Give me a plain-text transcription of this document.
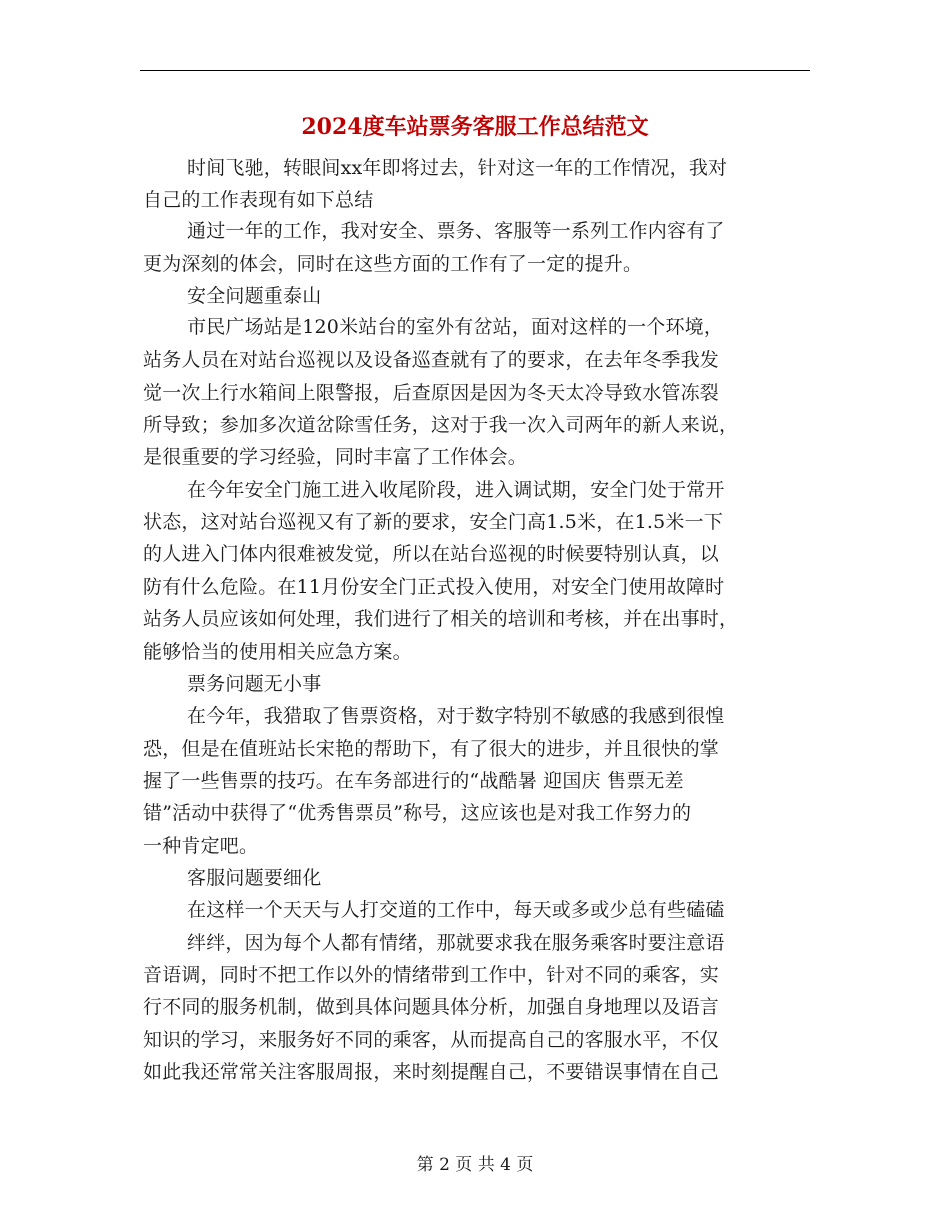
2024度车站票务客服工作总结范文
时间飞驰，转眼间xx年即将过去，针对这一年的工作情况，我对
自己的工作表现有如下总结
通过一年的工作，我对安全、票务、客服等一系列工作内容有了
更为深刻的体会，同时在这些方面的工作有了一定的提升。
安全问题重泰山
市民广场站是120米站台的室外有岔站，面对这样的一个环境，
站务人员在对站台巡视以及设备巡查就有了的要求，在去年冬季我发
觉一次上行水箱间上限警报，后查原因是因为冬天太冷导致水管冻裂
所导致；参加多次道岔除雪任务，这对于我一次入司两年的新人来说，
是很重要的学习经验，同时丰富了工作体会。
在今年安全门施工进入收尾阶段，进入调试期，安全门处于常开
状态，这对站台巡视又有了新的要求，安全门高1.5米，在1.5米一下
的人进入门体内很难被发觉，所以在站台巡视的时候要特别认真，以
防有什么危险。在11月份安全门正式投入使用，对安全门使用故障时
站务人员应该如何处理，我们进行了相关的培训和考核，并在出事时，
能够恰当的使用相关应急方案。
票务问题无小事
在今年，我猎取了售票资格，对于数字特别不敏感的我感到很惶
恐，但是在值班站长宋艳的帮助下，有了很大的进步，并且很快的掌
握了一些售票的技巧。在车务部进行的“战酷暑 迎国庆 售票无差
错”活动中获得了“优秀售票员”称号，这应该也是对我工作努力的
一种肯定吧。
客服问题要细化
在这样一个天天与人打交道的工作中，每天或多或少总有些磕磕
绊绊，因为每个人都有情绪，那就要求我在服务乘客时要注意语
音语调，同时不把工作以外的情绪带到工作中，针对不同的乘客，实
行不同的服务机制，做到具体问题具体分析，加强自身地理以及语言
知识的学习，来服务好不同的乘客，从而提高自己的客服水平，不仅
如此我还常常关注客服周报，来时刻提醒自己，不要错误事情在自己
第 2 页 共 4 页
